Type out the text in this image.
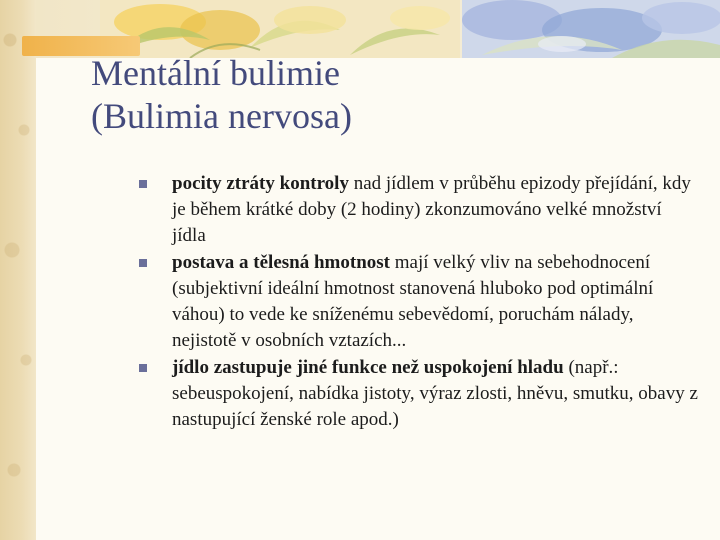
Mentální bulimie
(Bulimia nervosa)
pocity ztráty kontroly nad jídlem v průběhu epizody přejídání, kdy je během krátké doby (2 hodiny) zkonzumováno velké množství jídla
postava a tělesná hmotnost mají velký vliv na sebehodnocení (subjektivní ideální hmotnost stanovená hluboko pod optimální váhou) to vede ke sníženému sebevědomí, poruchám nálady, nejistotě v osobních vztazích...
jídlo zastupuje jiné funkce než uspokojení hladu (např.: sebeuspokojení, nabídka jistoty, výraz zlosti, hněvu, smutku, obavy z nastupující ženské role apod.)
